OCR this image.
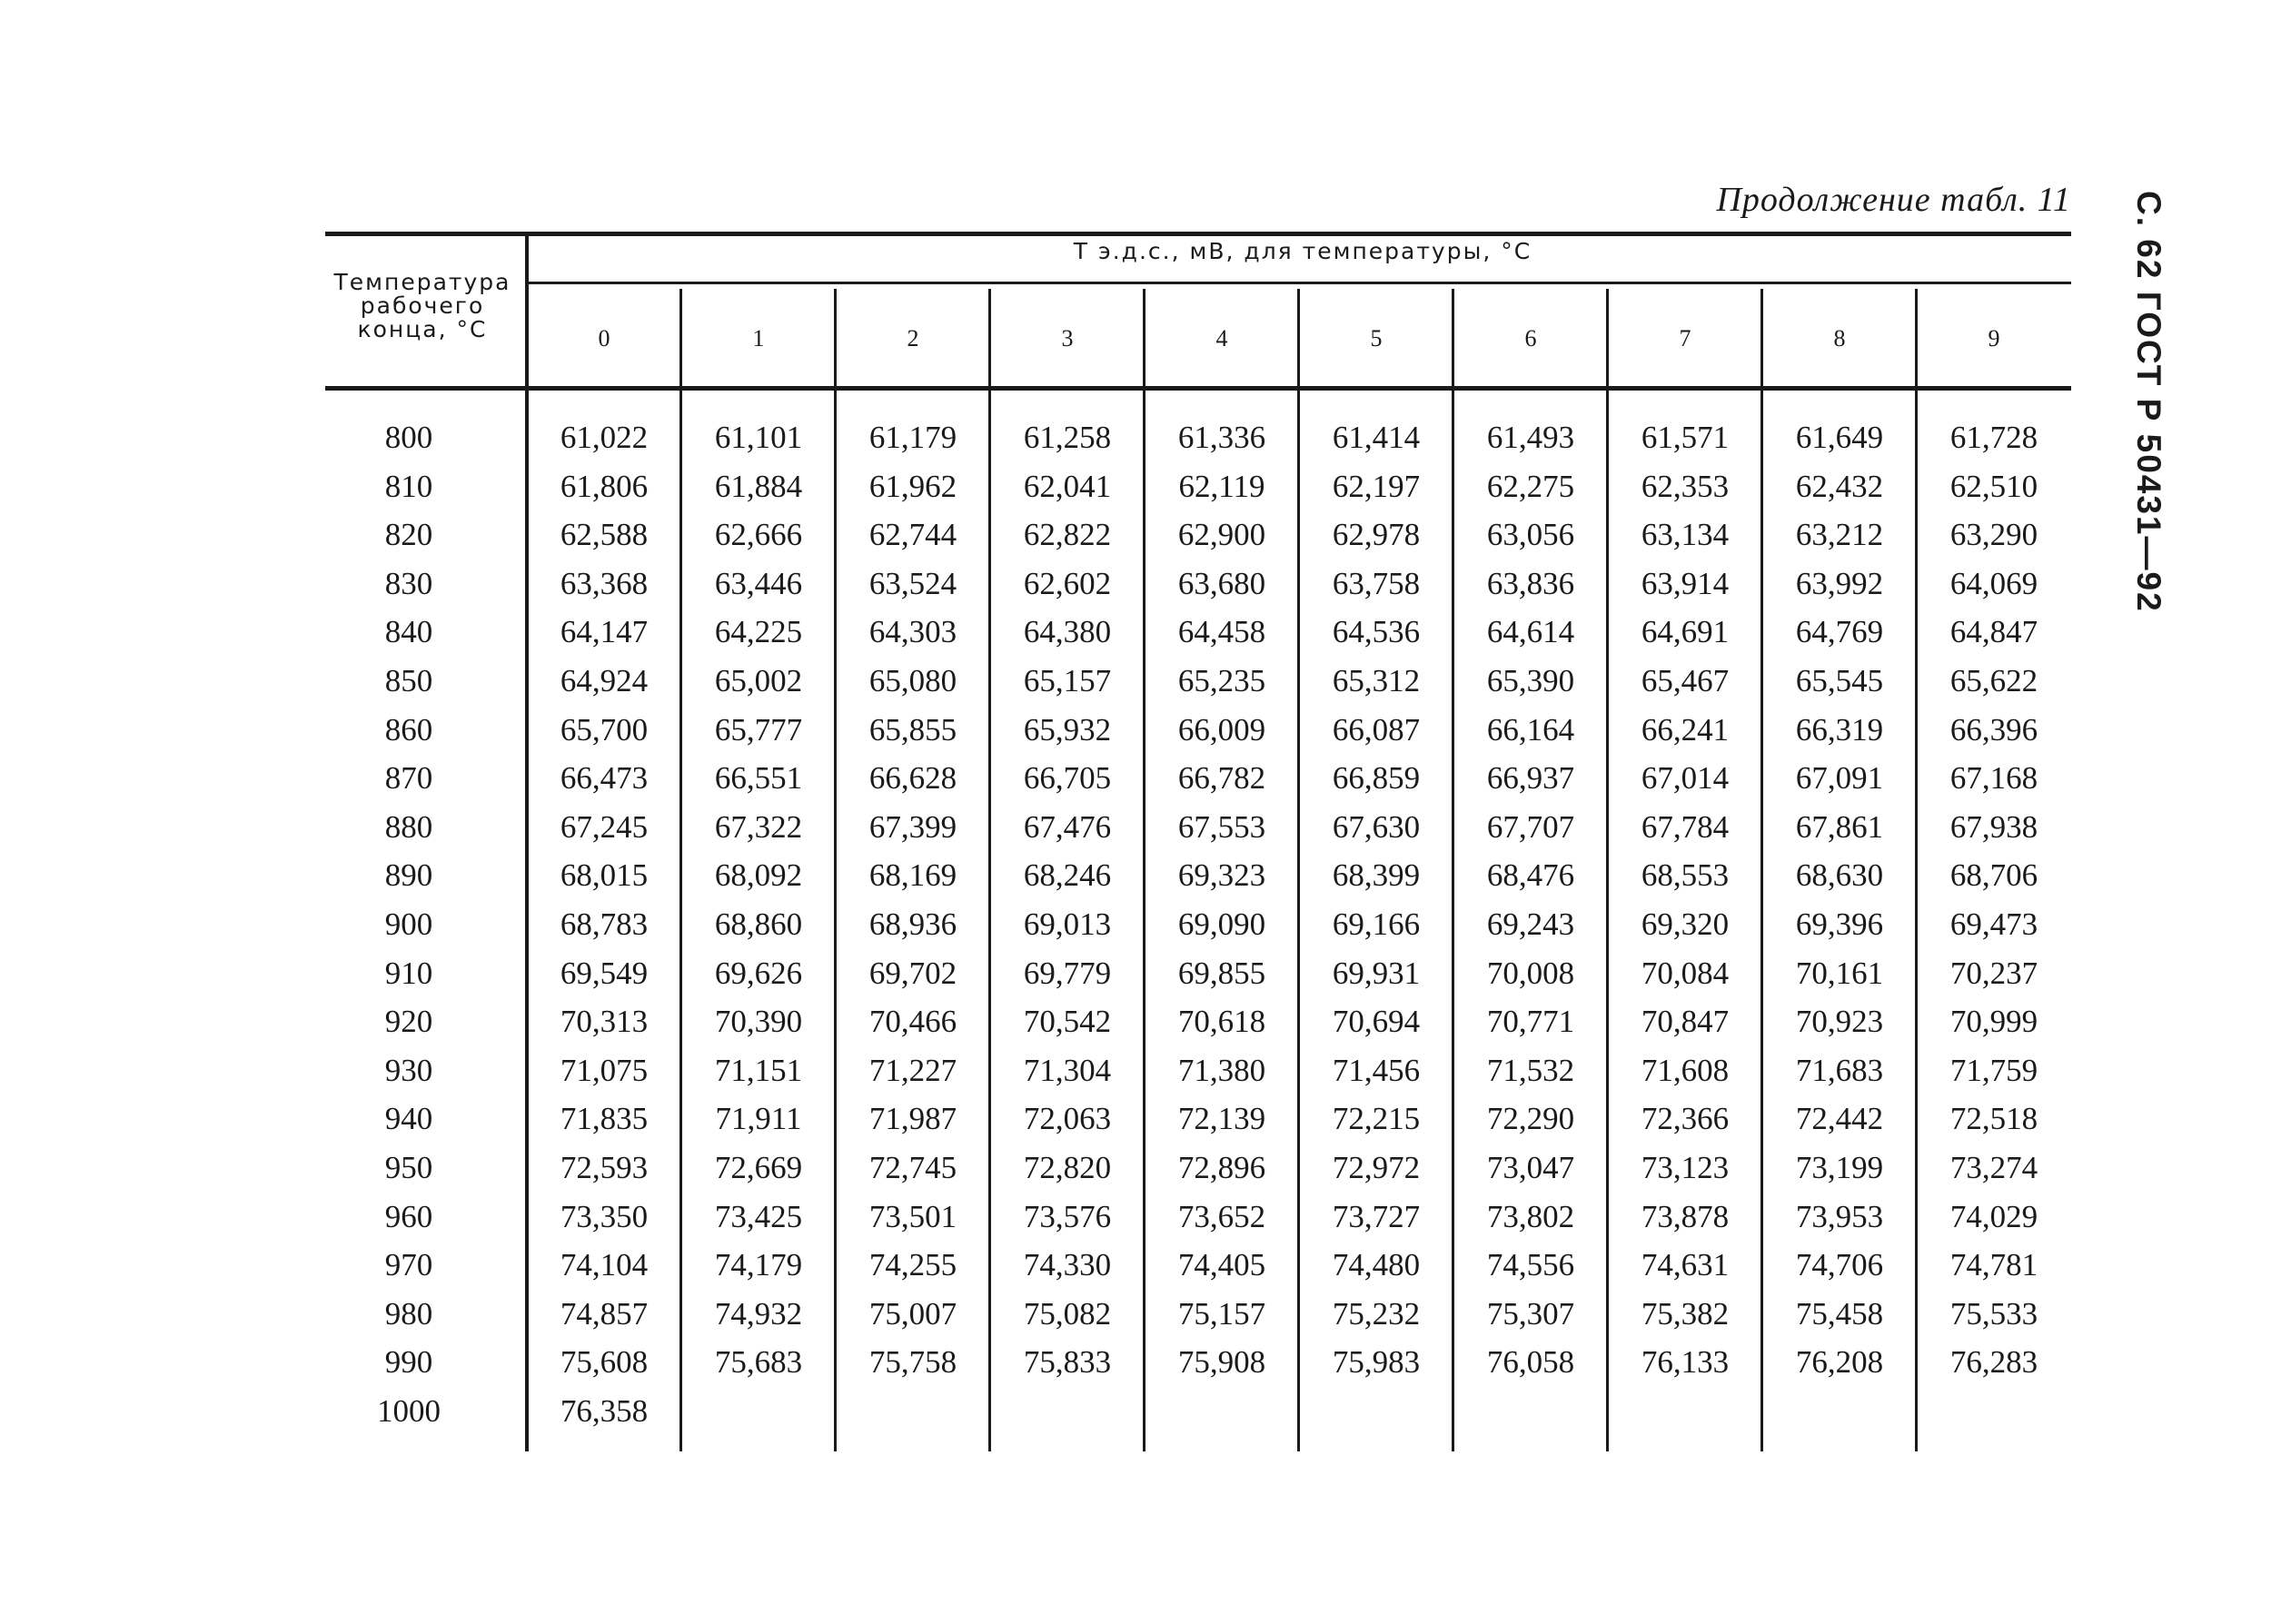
Продолжение табл. 11 С. 62 ГОСТ Р 50431—92
Температура
рабочего
конца, °С
Т э.д.с., мВ, для температуры, °С
0	1	2	3	4	5	6	7	8	9
800	61,022	61,101	61,179	61,258	61,336	61,414	61,493	61,571	61,649	61,728
810	61,806	61,884	61,962	62,041	62,119	62,197	62,275	62,353	62,432	62,510
820	62,588	62,666	62,744	62,822	62,900	62,978	63,056	63,134	63,212	63,290
830	63,368	63,446	63,524	62,602	63,680	63,758	63,836	63,914	63,992	64,069
840	64,147	64,225	64,303	64,380	64,458	64,536	64,614	64,691	64,769	64,847
850	64,924	65,002	65,080	65,157	65,235	65,312	65,390	65,467	65,545	65,622
860	65,700	65,777	65,855	65,932	66,009	66,087	66,164	66,241	66,319	66,396
870	66,473	66,551	66,628	66,705	66,782	66,859	66,937	67,014	67,091	67,168
880	67,245	67,322	67,399	67,476	67,553	67,630	67,707	67,784	67,861	67,938
890	68,015	68,092	68,169	68,246	69,323	68,399	68,476	68,553	68,630	68,706
900	68,783	68,860	68,936	69,013	69,090	69,166	69,243	69,320	69,396	69,473
910	69,549	69,626	69,702	69,779	69,855	69,931	70,008	70,084	70,161	70,237
920	70,313	70,390	70,466	70,542	70,618	70,694	70,771	70,847	70,923	70,999
930	71,075	71,151	71,227	71,304	71,380	71,456	71,532	71,608	71,683	71,759
940	71,835	71,911	71,987	72,063	72,139	72,215	72,290	72,366	72,442	72,518
950	72,593	72,669	72,745	72,820	72,896	72,972	73,047	73,123	73,199	73,274
960	73,350	73,425	73,501	73,576	73,652	73,727	73,802	73,878	73,953	74,029
970	74,104	74,179	74,255	74,330	74,405	74,480	74,556	74,631	74,706	74,781
980	74,857	74,932	75,007	75,082	75,157	75,232	75,307	75,382	75,458	75,533
990	75,608	75,683	75,758	75,833	75,908	75,983	76,058	76,133	76,208	76,283
1000	76,358
